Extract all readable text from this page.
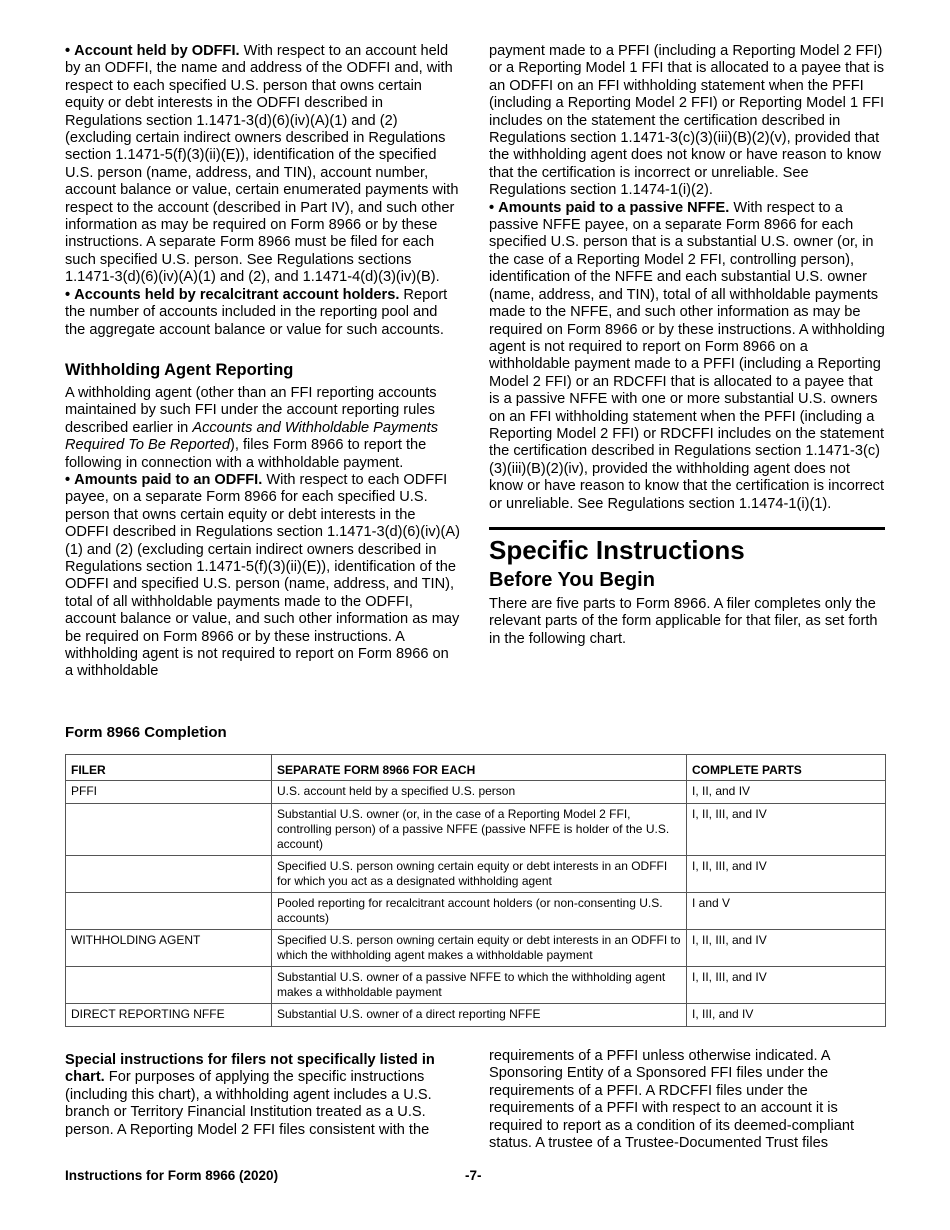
• Account held by ODFFI. With respect to an account held by an ODFFI, the name and address of the ODFFI and, with respect to each specified U.S. person that owns certain equity or debt interests in the ODFFI described in Regulations section 1.1471-3(d)(6)(iv)(A)(1) and (2) (excluding certain indirect owners described in Regulations section 1.1471-5(f)(3)(ii)(E)), identification of the specified U.S. person (name, address, and TIN), account number, account balance or value, certain enumerated payments with respect to the account (described in Part IV), and such other information as may be required on Form 8966 or by these instructions. A separate Form 8966 must be filed for each such specified U.S. person. See Regulations sections 1.1471-3(d)(6)(iv)(A)(1) and (2), and 1.1471-4(d)(3)(iv)(B).

• Accounts held by recalcitrant account holders. Report the number of accounts included in the reporting pool and the aggregate account balance or value for such accounts.

Withholding Agent Reporting

A withholding agent (other than an FFI reporting accounts maintained by such FFI under the account reporting rules described earlier in Accounts and Withholdable Payments Required To Be Reported), files Form 8966 to report the following in connection with a withholdable payment.

• Amounts paid to an ODFFI. With respect to each ODFFI payee, on a separate Form 8966 for each specified U.S. person that owns certain equity or debt interests in the ODFFI described in Regulations section 1.1471-3(d)(6)(iv)(A)(1) and (2) (excluding certain indirect owners described in Regulations section 1.1471-5(f)(3)(ii)(E)), identification of the ODFFI and specified U.S. person (name, address, and TIN), total of all withholdable payments made to the ODFFI, account balance or value, and such other information as may be required on Form 8966 or by these instructions. A withholding agent is not required to report on Form 8966 on a withholdable

payment made to a PFFI (including a Reporting Model 2 FFI) or a Reporting Model 1 FFI that is allocated to a payee that is an ODFFI on an FFI withholding statement when the PFFI (including a Reporting Model 2 FFI) or Reporting Model 1 FFI includes on the statement the certification described in Regulations section 1.1471-3(c)(3)(iii)(B)(2)(v), provided that the withholding agent does not know or have reason to know that the certification is incorrect or unreliable. See Regulations section 1.1474-1(i)(2).

• Amounts paid to a passive NFFE. With respect to a passive NFFE payee, on a separate Form 8966 for each specified U.S. person that is a substantial U.S. owner (or, in the case of a Reporting Model 2 FFI, controlling person), identification of the NFFE and each substantial U.S. owner (name, address, and TIN), total of all withholdable payments made to the NFFE, and such other information as may be required on Form 8966 or by these instructions. A withholding agent is not required to report on Form 8966 on a withholdable payment made to a PFFI (including a Reporting Model 2 FFI) or an RDCFFI that is allocated to a payee that is a passive NFFE with one or more substantial U.S. owners on an FFI withholding statement when the PFFI (including a Reporting Model 2 FFI) or RDCFFI includes on the statement the certification described in Regulations section 1.1471-3(c)(3)(iii)(B)(2)(iv), provided the withholding agent does not know or have reason to know that the certification is incorrect or unreliable. See Regulations section 1.1474-1(i)(1).

Specific Instructions

Before You Begin

There are five parts to Form 8966. A filer completes only the relevant parts of the form applicable for that filer, as set forth in the following chart.

Form 8966 Completion
FILER	SEPARATE FORM 8966 FOR EACH	COMPLETE PARTS
PFFI	U.S. account held by a specified U.S. person	I, II, and IV
	Substantial U.S. owner (or, in the case of a Reporting Model 2 FFI, controlling person) of a passive NFFE (passive NFFE is holder of the U.S. account)	I, II, III, and IV
	Specified U.S. person owning certain equity or debt interests in an ODFFI for which you act as a designated withholding agent	I, II, III, and IV
	Pooled reporting for recalcitrant account holders (or non-consenting U.S. accounts)	I and V
WITHHOLDING AGENT	Specified U.S. person owning certain equity or debt interests in an ODFFI to which the withholding agent makes a withholdable payment	I, II, III, and IV
	Substantial U.S. owner of a passive NFFE to which the withholding agent makes a withholdable payment	I, II, III, and IV
DIRECT REPORTING NFFE	Substantial U.S. owner of a direct reporting NFFE	I, III, and IV

Special instructions for filers not specifically listed in chart. For purposes of applying the specific instructions (including this chart), a withholding agent includes a U.S. branch or Territory Financial Institution treated as a U.S. person. A Reporting Model 2 FFI files consistent with the

requirements of a PFFI unless otherwise indicated. A Sponsoring Entity of a Sponsored FFI files under the requirements of a PFFI. A RDCFFI files under the requirements of a PFFI with respect to an account it is required to report as a condition of its deemed-compliant status. A trustee of a Trustee-Documented Trust files

Instructions for Form 8966 (2020)	-7-
